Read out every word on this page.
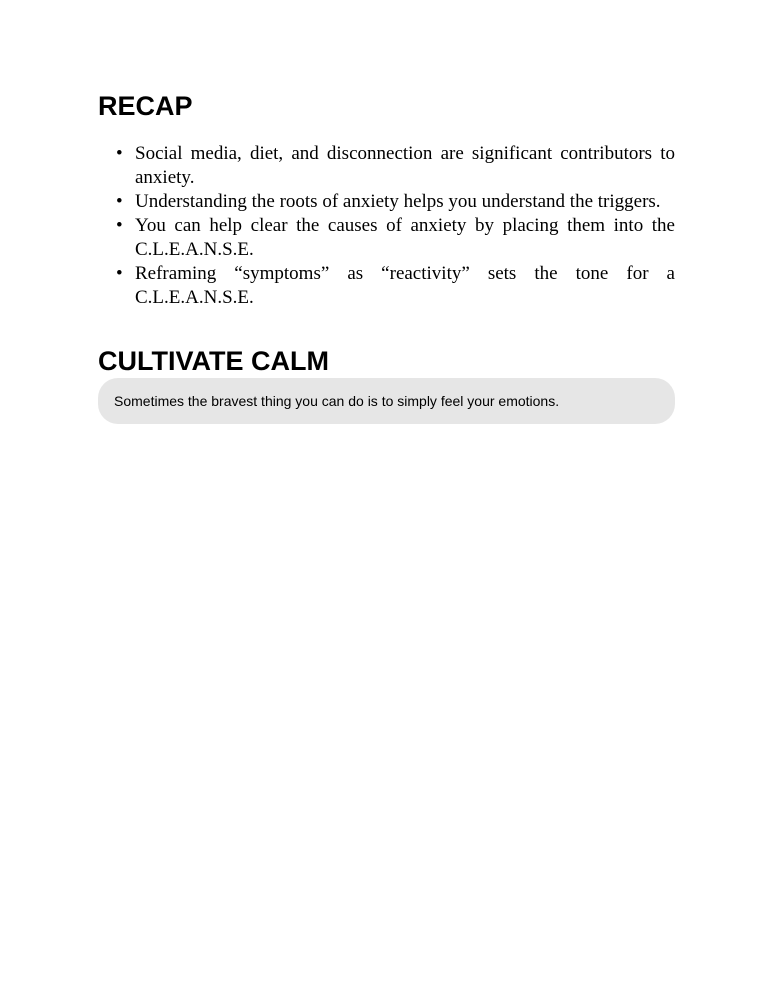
RECAP
• Social media, diet, and disconnection are significant contributors to anxiety.
• Understanding the roots of anxiety helps you understand the triggers.
• You can help clear the causes of anxiety by placing them into the C.L.E.A.N.S.E.
• Reframing “symptoms” as “reactivity” sets the tone for a C.L.E.A.N.S.E.
CULTIVATE CALM
Sometimes the bravest thing you can do is to simply feel your emotions.
